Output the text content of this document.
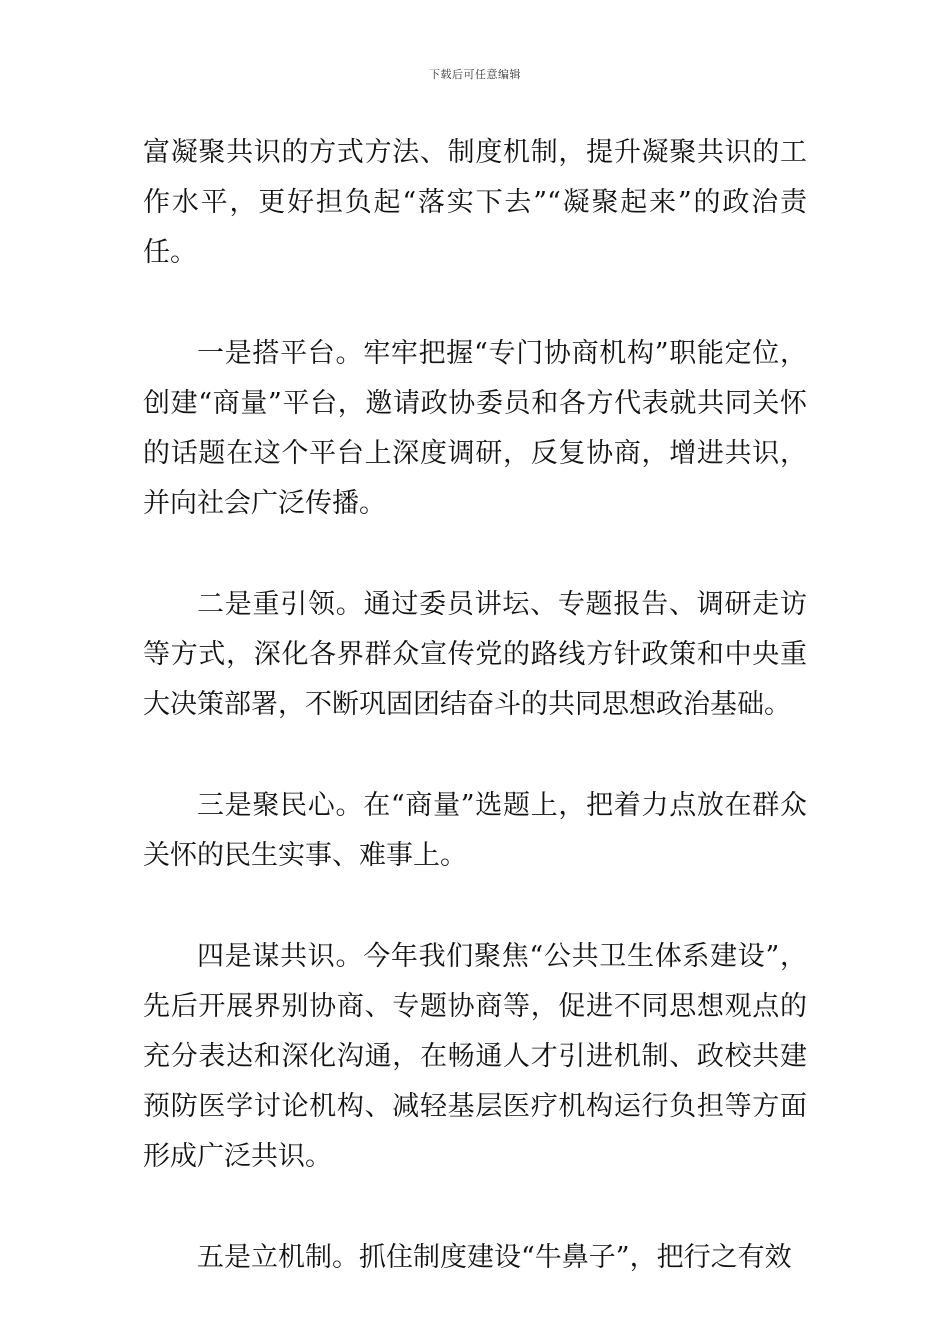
下载后可任意编辑

富凝聚共识的方式方法、制度机制，提升凝聚共识的工作水平，更好担负起“落实下去”“凝聚起来”的政治责任。

一是搭平台。牢牢把握“专门协商机构”职能定位，创建“商量”平台，邀请政协委员和各方代表就共同关怀的话题在这个平台上深度调研，反复协商，增进共识，并向社会广泛传播。

二是重引领。通过委员讲坛、专题报告、调研走访等方式，深化各界群众宣传党的路线方针政策和中央重大决策部署，不断巩固团结奋斗的共同思想政治基础。

三是聚民心。在“商量”选题上，把着力点放在群众关怀的民生实事、难事上。

四是谋共识。今年我们聚焦“公共卫生体系建设”，先后开展界别协商、专题协商等，促进不同思想观点的充分表达和深化沟通，在畅通人才引进机制、政校共建预防医学讨论机构、减轻基层医疗机构运行负担等方面形成广泛共识。

五是立机制。抓住制度建设“牛鼻子”，把行之有效
